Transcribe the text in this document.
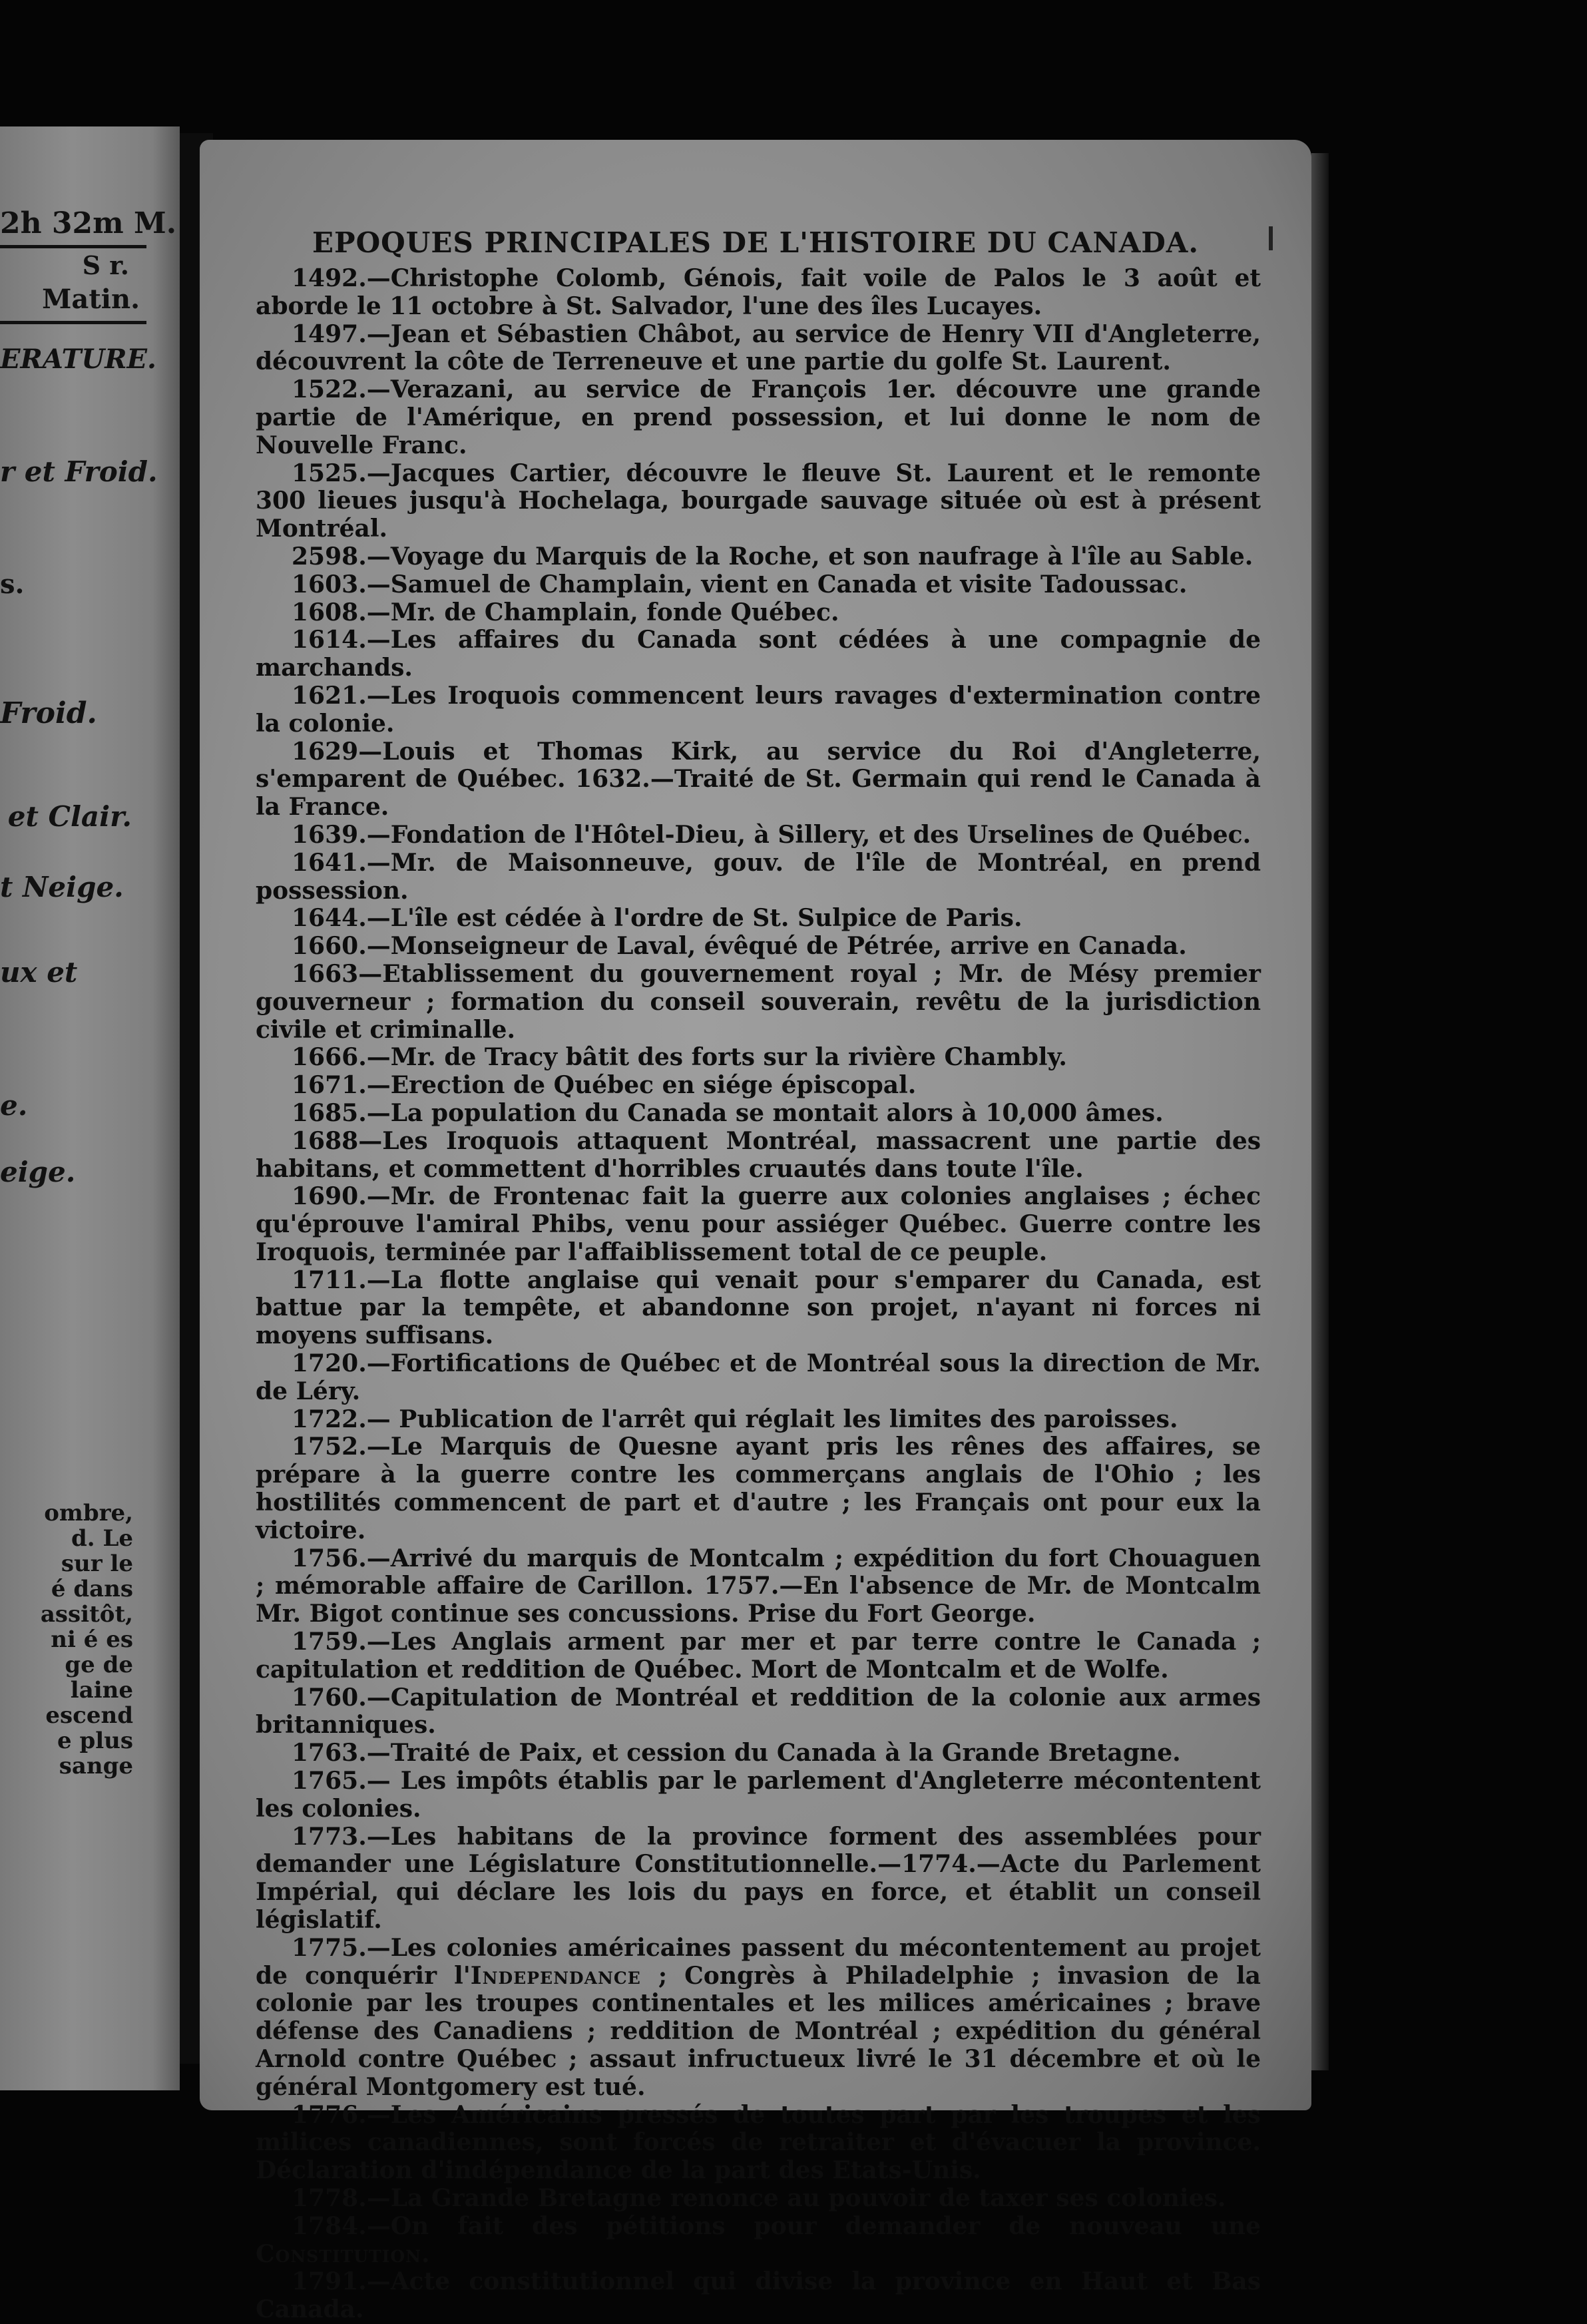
2h 32m M.
S r.
Matin.
ERATURE.
r et Froid.
s.
Froid.
et Clair.
t Neige.
ux et
e.
eige.
ombre,
d. Le
sur le
é dans
assitôt,
ni é es
ge de
laine
escend
e plus
sange
EPOQUES PRINCIPALES DE L'HISTOIRE DU CANADA.

1492.—Christophe Colomb, Génois, fait voile de Palos le 3 août et aborde le 11 octobre à St. Salvador, l'une des îles Lucayes.

1497.—Jean et Sébastien Châbot, au service de Henry VII d'Angleterre, découvrent la côte de Terreneuve et une partie du golfe St. Laurent.

1522.—Verazani, au service de François 1er. découvre une grande partie de l'Amérique, en prend possession, et lui donne le nom de Nouvelle Franc.

1525.—Jacques Cartier, découvre le fleuve St. Laurent et le remonte 300 lieues jusqu'à Hochelaga, bourgade sauvage située où est à présent Montréal.

2598.—Voyage du Marquis de la Roche, et son naufrage à l'île au Sable.

1603.—Samuel de Champlain, vient en Canada et visite Tadoussac.

1608.—Mr. de Champlain, fonde Québec.

1614.—Les affaires du Canada sont cédées à une compagnie de marchands.

1621.—Les Iroquois commencent leurs ravages d'extermination contre la colonie.

1629—Louis et Thomas Kirk, au service du Roi d'Angleterre, s'emparent de Québec. 1632.—Traité de St. Germain qui rend le Canada à la France.

1639.—Fondation de l'Hôtel-Dieu, à Sillery, et des Urselines de Québec.

1641.—Mr. de Maisonneuve, gouv. de l'île de Montréal, en prend possession.

1644.—L'île est cédée à l'ordre de St. Sulpice de Paris.

1660.—Monseigneur de Laval, évêqué de Pétrée, arrive en Canada.

1663—Etablissement du gouvernement royal ; Mr. de Mésy premier gouverneur ; formation du conseil souverain, revêtu de la jurisdiction civile et criminalle.

1666.—Mr. de Tracy bâtit des forts sur la rivière Chambly.

1671.—Erection de Québec en siége épiscopal.

1685.—La population du Canada se montait alors à 10,000 âmes.

1688—Les Iroquois attaquent Montréal, massacrent une partie des habitans, et commettent d'horribles cruautés dans toute l'île.

1690.—Mr. de Frontenac fait la guerre aux colonies anglaises ; échec qu'éprouve l'amiral Phibs, venu pour assiéger Québec. Guerre contre les Iroquois, terminée par l'affaiblissement total de ce peuple.

1711.—La flotte anglaise qui venait pour s'emparer du Canada, est battue par la tempête, et abandonne son projet, n'ayant ni forces ni moyens suffisans.

1720.—Fortifications de Québec et de Montréal sous la direction de Mr. de Léry.

1722.— Publication de l'arrêt qui réglait les limites des paroisses.

1752.—Le Marquis de Quesne ayant pris les rênes des affaires, se prépare à la guerre contre les commerçans anglais de l'Ohio ; les hostilités commencent de part et d'autre ; les Français ont pour eux la victoire.

1756.—Arrivé du marquis de Montcalm ; expédition du fort Chouaguen ; mémorable affaire de Carillon. 1757.—En l'absence de Mr. de Montcalm Mr. Bigot continue ses concussions. Prise du Fort George.

1759.—Les Anglais arment par mer et par terre contre le Canada ; capitulation et reddition de Québec. Mort de Montcalm et de Wolfe.

1760.—Capitulation de Montréal et reddition de la colonie aux armes britanniques.

1763.—Traité de Paix, et cession du Canada à la Grande Bretagne.

1765.— Les impôts établis par le parlement d'Angleterre mécontentent les colonies.

1773.—Les habitans de la province forment des assemblées pour demander une Législature Constitutionnelle.—1774.—Acte du Parlement Impérial, qui déclare les lois du pays en force, et établit un conseil législatif.

1775.—Les colonies américaines passent du mécontentement au projet de conquérir l'Independance ; Congrès à Philadelphie ; invasion de la colonie par les troupes continentales et les milices américaines ; brave défense des Canadiens ; reddition de Montréal ; expédition du général Arnold contre Québec ; assaut infructueux livré le 31 décembre et où le général Montgomery est tué.

1776.—Les Américains pressés de toutes part par les troupes et les milices canadiennes, sont forcés de retraiter et d'évacuer la province. Déclaration d'indépendance de la part des Etats-Unis.

1778.—La Grande Bretagne renonce au pouvoir de taxer ses colonies.

1784.—On fait des pétitions pour demander de nouveau une Constitution.

1791.—Acte constitutionnel qui divise la province en Haut et Bas Canada.
